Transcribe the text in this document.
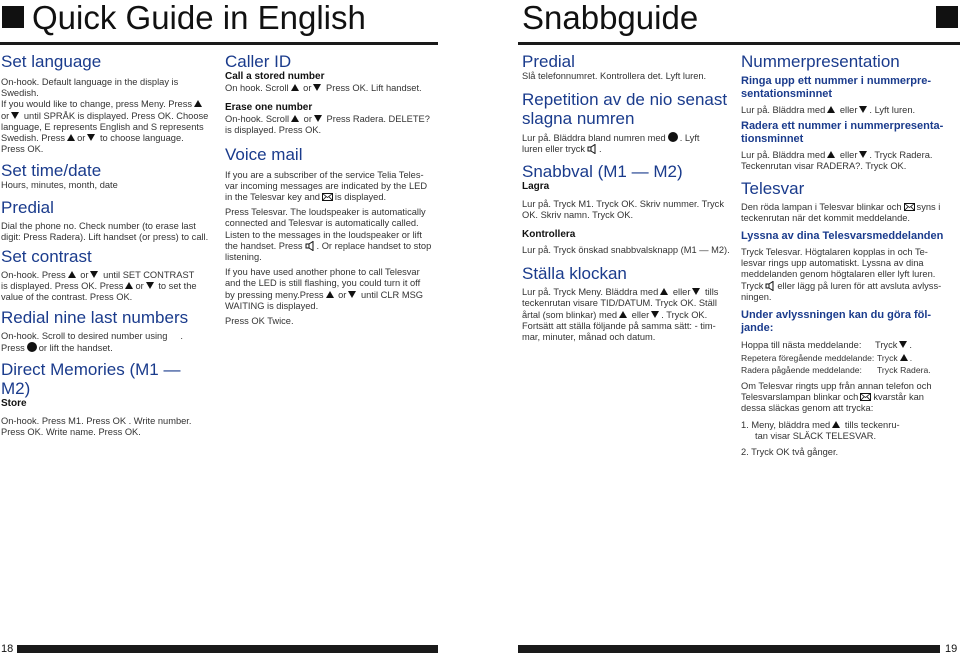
Quick Guide in English	Snabbguide

Set language

On-hook. Default language in the display is Swedish.

If you would like to change, press Meny. Press

or until SPRÅK is displayed. Press OK. Choose

language, E represents English and S represents

Swedish. Press or to choose language.

Press OK.

Set time/date

Hours, minutes, month, date

Predial

Dial the phone no. Check number (to erase last

digit: Press Radera). Lift handset (or press) to call.

Set contrast

On-hook. Press or until SET CONTRAST

is displayed. Press OK. Press or to set the

value of the contrast. Press OK.

Redial nine last numbers

On-hook. Scroll to desired number using .

Press or lift the handset.

Direct Memories (M1 — M2)

Store

On-hook. Press M1. Press OK . Write number.

Press OK. Write name. Press OK.

Caller ID

Call a stored number

On hook. Scroll or Press OK. Lift handset.

Erase one number

On-hook. Scroll or Press Radera. DELETE?

is displayed. Press OK.

Voice mail

If you are a subscriber of the service Telia Teles-

var incoming messages are indicated by the LED

in the Telesvar key and is displayed.

Press Telesvar. The loudspeaker is automatically

connected and Telesvar is automatically called.

Listen to the messages in the loudspeaker or lift

the handset. Press . Or replace handset to stop

listening.

If you have used another phone to call Telesvar

and the LED is still flashing, you could turn it off

by pressing meny.Press or until CLR MSG

WAITING is displayed.

Press OK Twice.

Predial

Slå telefonnumret. Kontrollera det. Lyft luren.

Repetition av de nio senast

slagna numren

Lur på. Bläddra bland numren med . Lyft

luren eller tryck .

Snabbval (M1 — M2)

Lagra

Lur på. Tryck M1. Tryck OK. Skriv nummer. Tryck

OK. Skriv namn. Tryck OK.

Kontrollera

Lur på. Tryck önskad snabbvalsknapp (M1 — M2).

Ställa klockan

Lur på. Tryck Meny. Bläddra med eller tills

teckenrutan visare TID/DATUM. Tryck OK. Ställ

årtal (som blinkar) med eller . Tryck OK.

Fortsätt att ställa följande på samma sätt: - tim-

mar, minuter, månad och datum.

Nummerpresentation

Ringa upp ett nummer i nummerpre-

sentationsminnet

Lur på. Bläddra med eller . Lyft luren.

Radera ett nummer i nummerpresenta-

tionsminnet

Lur på. Bläddra med eller . Tryck Radera.

Teckenrutan visar RADERA?. Tryck OK.

Telesvar

Den röda lampan i Telesvar blinkar och syns i

teckenrutan när det kommit meddelande.

Lyssna av dina Telesvarsmeddelanden

Tryck Telesvar. Högtalaren kopplas in och Te-

lesvar rings upp automatiskt. Lyssna av dina

meddelanden genom högtalaren eller lyft luren.

Tryck eller lägg på luren för att avsluta avlyss-

ningen.

Under avlyssningen kan du göra föl-

jande:

Hoppa till nästa meddelande: Tryck .

Repetera föregående meddelande: Tryck .

Radera pågående meddelande: Tryck Radera.

Om Telesvar ringts upp från annan telefon och

Telesvarslampan blinkar och kvarstår kan

dessa släckas genom att trycka:

1. Meny, bläddra med tills teckenru-

tan visar SLÄCK TELESVAR.

2. Tryck OK två gånger.

18	19
